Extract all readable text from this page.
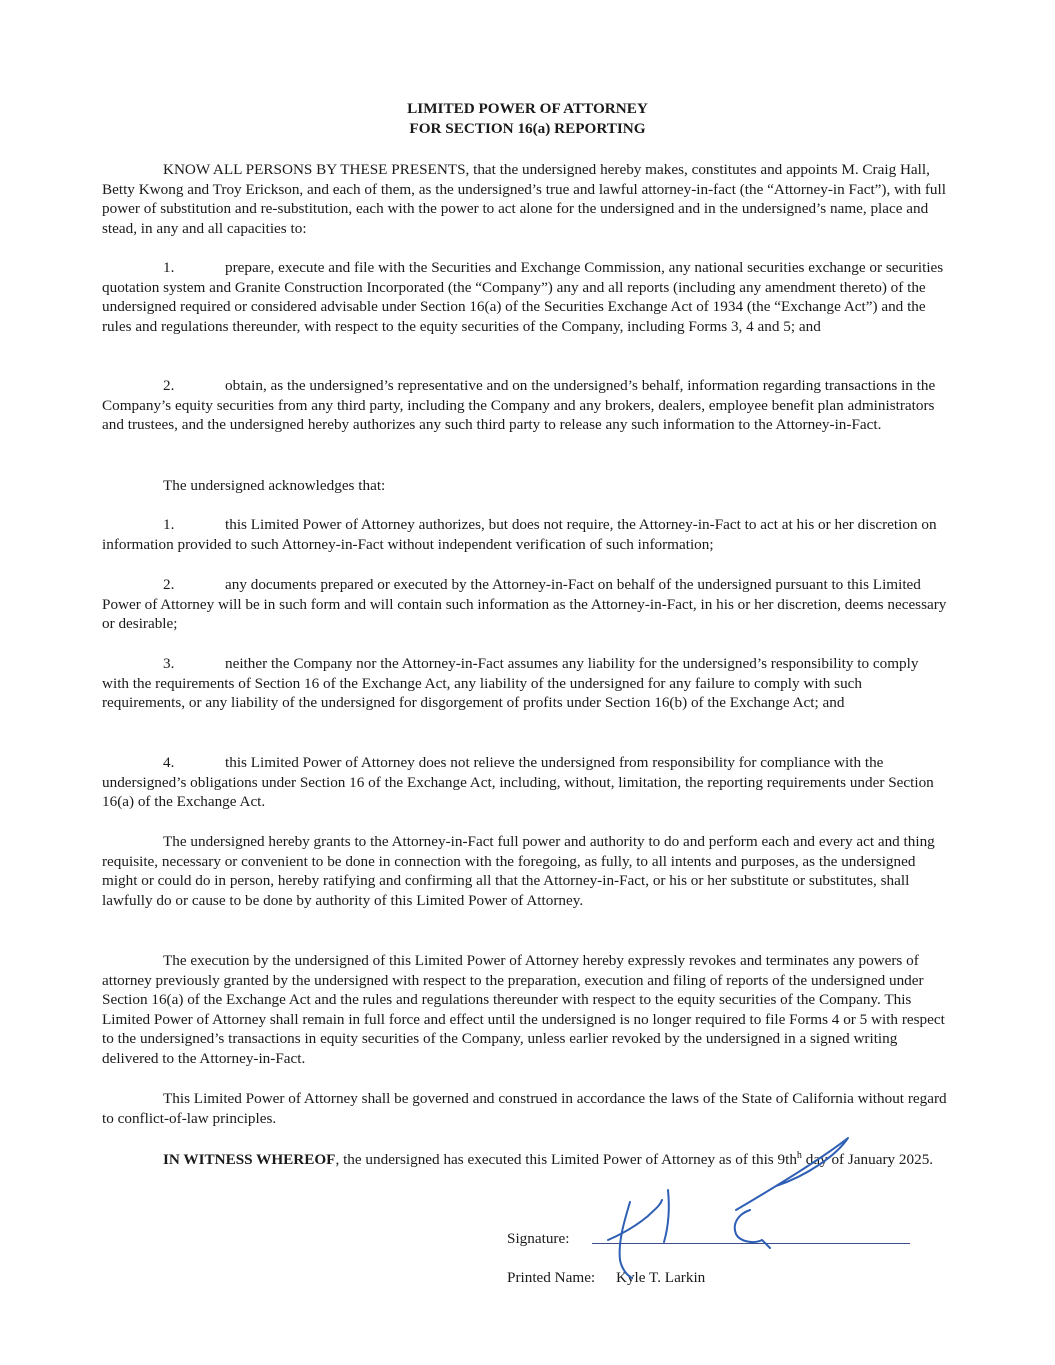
LIMITED POWER OF ATTORNEY
FOR SECTION 16(a) REPORTING

KNOW ALL PERSONS BY THESE PRESENTS, that the undersigned hereby makes, constitutes and appoints M. Craig Hall, Betty Kwong and Troy Erickson, and each of them, as the undersigned’s true and lawful attorney-in-fact (the “Attorney-in Fact”), with full power of substitution and re-substitution, each with the power to act alone for the undersigned and in the undersigned’s name, place and stead, in any and all capacities to:

1.	prepare, execute and file with the Securities and Exchange Commission, any national securities exchange or securities quotation system and Granite Construction Incorporated (the “Company”) any and all reports (including any amendment thereto) of the undersigned required or considered advisable under Section 16(a) of the Securities Exchange Act of 1934 (the “Exchange Act”) and the rules and regulations thereunder, with respect to the equity securities of the Company, including Forms 3, 4 and 5; and

2.	obtain, as the undersigned’s representative and on the undersigned’s behalf, information regarding transactions in the Company’s equity securities from any third party, including the Company and any brokers, dealers, employee benefit plan administrators and trustees, and the undersigned hereby authorizes any such third party to release any such information to the Attorney-in-Fact.

The undersigned acknowledges that:

1.	this Limited Power of Attorney authorizes, but does not require, the Attorney-in-Fact to act at his or her discretion on information provided to such Attorney-in-Fact without independent verification of such information;

2.	any documents prepared or executed by the Attorney-in-Fact on behalf of the undersigned pursuant to this Limited Power of Attorney will be in such form and will contain such information as the Attorney-in-Fact, in his or her discretion, deems necessary or desirable;

3.	neither the Company nor the Attorney-in-Fact assumes any liability for the undersigned’s responsibility to comply with the requirements of Section 16 of the Exchange Act, any liability of the undersigned for any failure to comply with such requirements, or any liability of the undersigned for disgorgement of profits under Section 16(b) of the Exchange Act; and

4.	this Limited Power of Attorney does not relieve the undersigned from responsibility for compliance with the undersigned’s obligations under Section 16 of the Exchange Act, including, without, limitation, the reporting requirements under Section 16(a) of the Exchange Act.

The undersigned hereby grants to the Attorney-in-Fact full power and authority to do and perform each and every act and thing requisite, necessary or convenient to be done in connection with the foregoing, as fully, to all intents and purposes, as the undersigned might or could do in person, hereby ratifying and confirming all that the Attorney-in-Fact, or his or her substitute or substitutes, shall lawfully do or cause to be done by authority of this Limited Power of Attorney.

The execution by the undersigned of this Limited Power of Attorney hereby expressly revokes and terminates any powers of attorney previously granted by the undersigned with respect to the preparation, execution and filing of reports of the undersigned under Section 16(a) of the Exchange Act and the rules and regulations thereunder with respect to the equity securities of the Company. This Limited Power of Attorney shall remain in full force and effect until the undersigned is no longer required to file Forms 4 or 5 with respect to the undersigned’s transactions in equity securities of the Company, unless earlier revoked by the undersigned in a signed writing delivered to the Attorney-in-Fact.

This Limited Power of Attorney shall be governed and construed in accordance the laws of the State of California without regard to conflict-of-law principles.

IN WITNESS WHEREOF, the undersigned has executed this Limited Power of Attorney as of this $9th^h$ day of January 2025.

Signature:
Printed Name: Kyle T. Larkin
